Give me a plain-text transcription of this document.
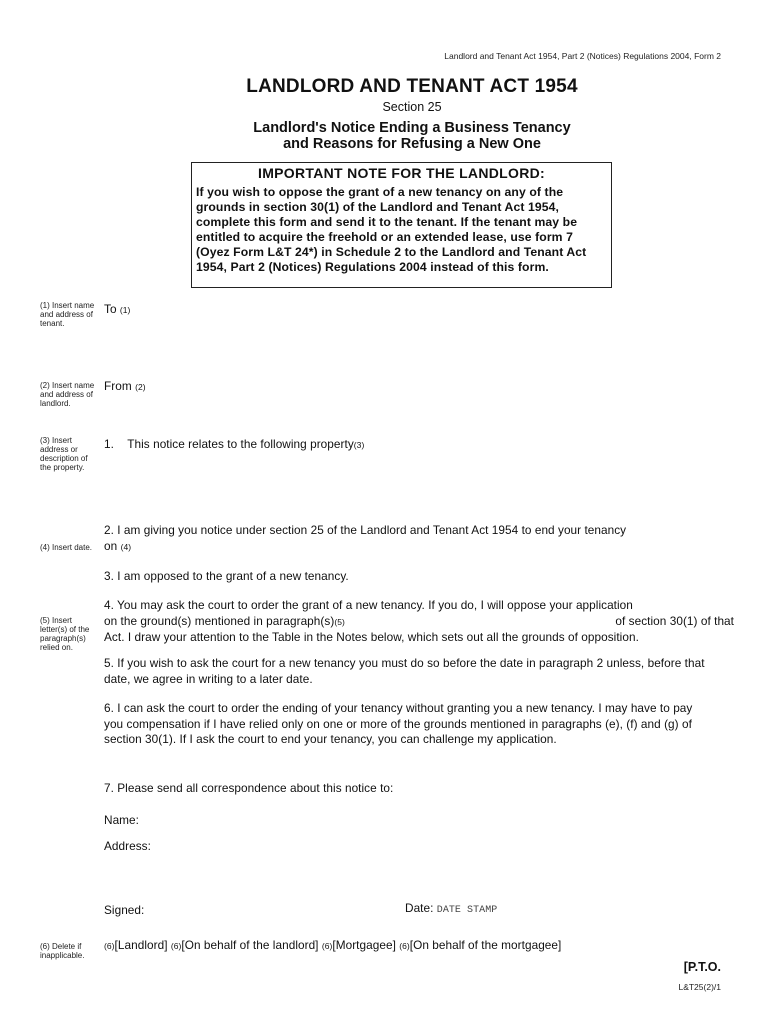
Landlord and Tenant Act 1954, Part 2 (Notices) Regulations 2004, Form 2
LANDLORD AND TENANT ACT 1954
Section 25
Landlord's Notice Ending a Business Tenancy
and Reasons for Refusing a New One
IMPORTANT NOTE FOR THE LANDLORD:
If you wish to oppose the grant of a new tenancy on any of the grounds in section 30(1) of the Landlord and Tenant Act 1954, complete this form and send it to the tenant. If the tenant may be entitled to acquire the freehold or an extended lease, use form 7 (Oyez Form L&T 24*) in Schedule 2 to the Landlord and Tenant Act 1954, Part 2 (Notices) Regulations 2004 instead of this form.
(1) Insert name and address of tenant.
(2) Insert name and address of landlord.
(3) Insert address or description of the property.
(4) Insert date.
(5) Insert letter(s) of the paragraph(s) relied on.
(6) Delete if inapplicable.
To (1)
From (2)
1. This notice relates to the following property(3)
2. I am giving you notice under section 25 of the Landlord and Tenant Act 1954 to end your tenancy
on (4)
3. I am opposed to the grant of a new tenancy.
4. You may ask the court to order the grant of a new tenancy. If you do, I will oppose your application
on the ground(s) mentioned in paragraph(s)(5)	of section 30(1) of that
Act. I draw your attention to the Table in the Notes below, which sets out all the grounds of opposition.
5. If you wish to ask the court for a new tenancy you must do so before the date in paragraph 2 unless, before that date, we agree in writing to a later date.
6. I can ask the court to order the ending of your tenancy without granting you a new tenancy. I may have to pay you compensation if I have relied only on one or more of the grounds mentioned in paragraphs (e), (f) and (g) of section 30(1). If I ask the court to end your tenancy, you can challenge my application.
7. Please send all correspondence about this notice to:
Name:
Address:
Signed:	Date: DATE STAMP
(6)[Landlord] (6)[On behalf of the landlord] (6)[Mortgagee] (6)[On behalf of the mortgagee]
[P.T.O.
L&T25(2)/1
